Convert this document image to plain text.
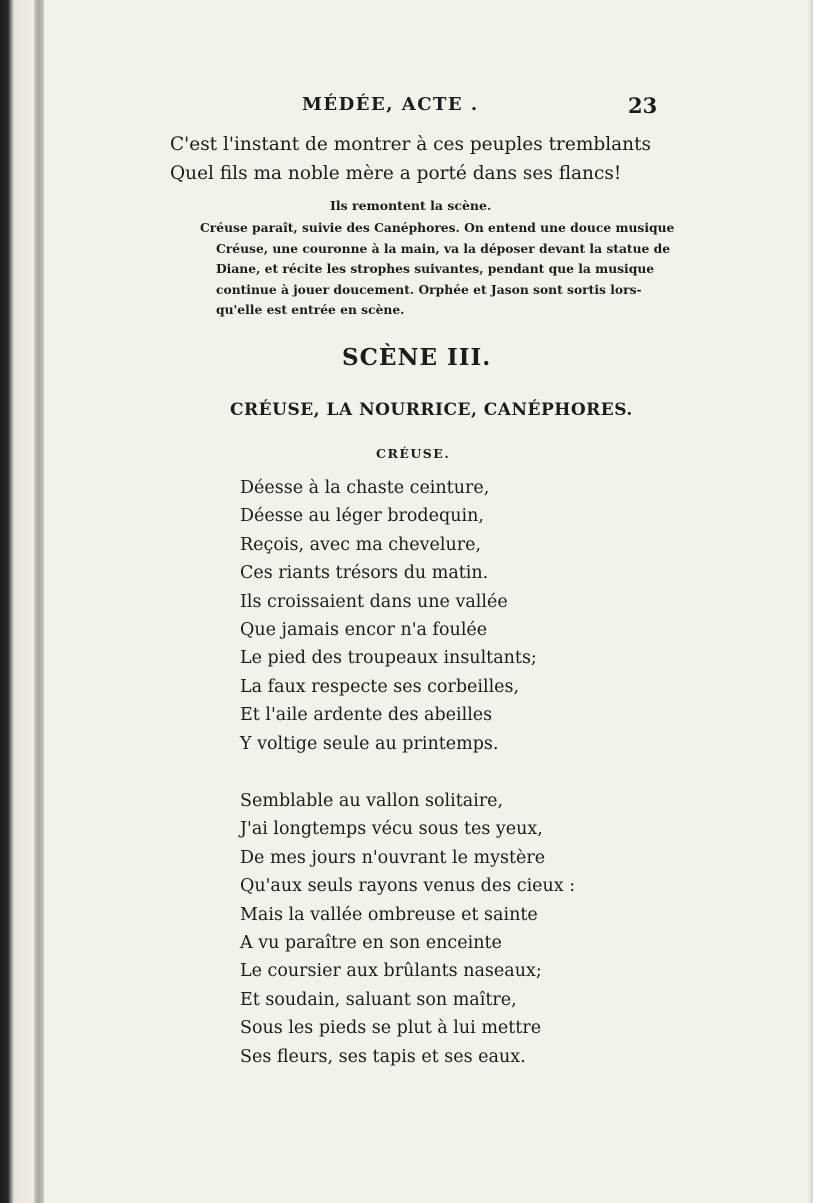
MÉDÉE, ACTE .	23
C'est l'instant de montrer à ces peuples tremblants
Quel fils ma noble mère a porté dans ses flancs!
Ils remontent la scène.
Créuse paraît, suivie des Canéphores. On entend une douce musique
Créuse, une couronne à la main, va la déposer devant la statue de
Diane, et récite les strophes suivantes, pendant que la musique
continue à jouer doucement. Orphée et Jason sont sortis lors-
qu'elle est entrée en scène.
SCÈNE III.
CRÉUSE, LA NOURRICE, CANÉPHORES.
CRÉUSE.
Déesse à la chaste ceinture,
Déesse au léger brodequin,
Reçois, avec ma chevelure,
Ces riants trésors du matin.
Ils croissaient dans une vallée
Que jamais encor n'a foulée
Le pied des troupeaux insultants;
La faux respecte ses corbeilles,
Et l'aile ardente des abeilles
Y voltige seule au printemps.
Semblable au vallon solitaire,
J'ai longtemps vécu sous tes yeux,
De mes jours n'ouvrant le mystère
Qu'aux seuls rayons venus des cieux :
Mais la vallée ombreuse et sainte
A vu paraître en son enceinte
Le coursier aux brûlants naseaux;
Et soudain, saluant son maître,
Sous les pieds se plut à lui mettre
Ses fleurs, ses tapis et ses eaux.
